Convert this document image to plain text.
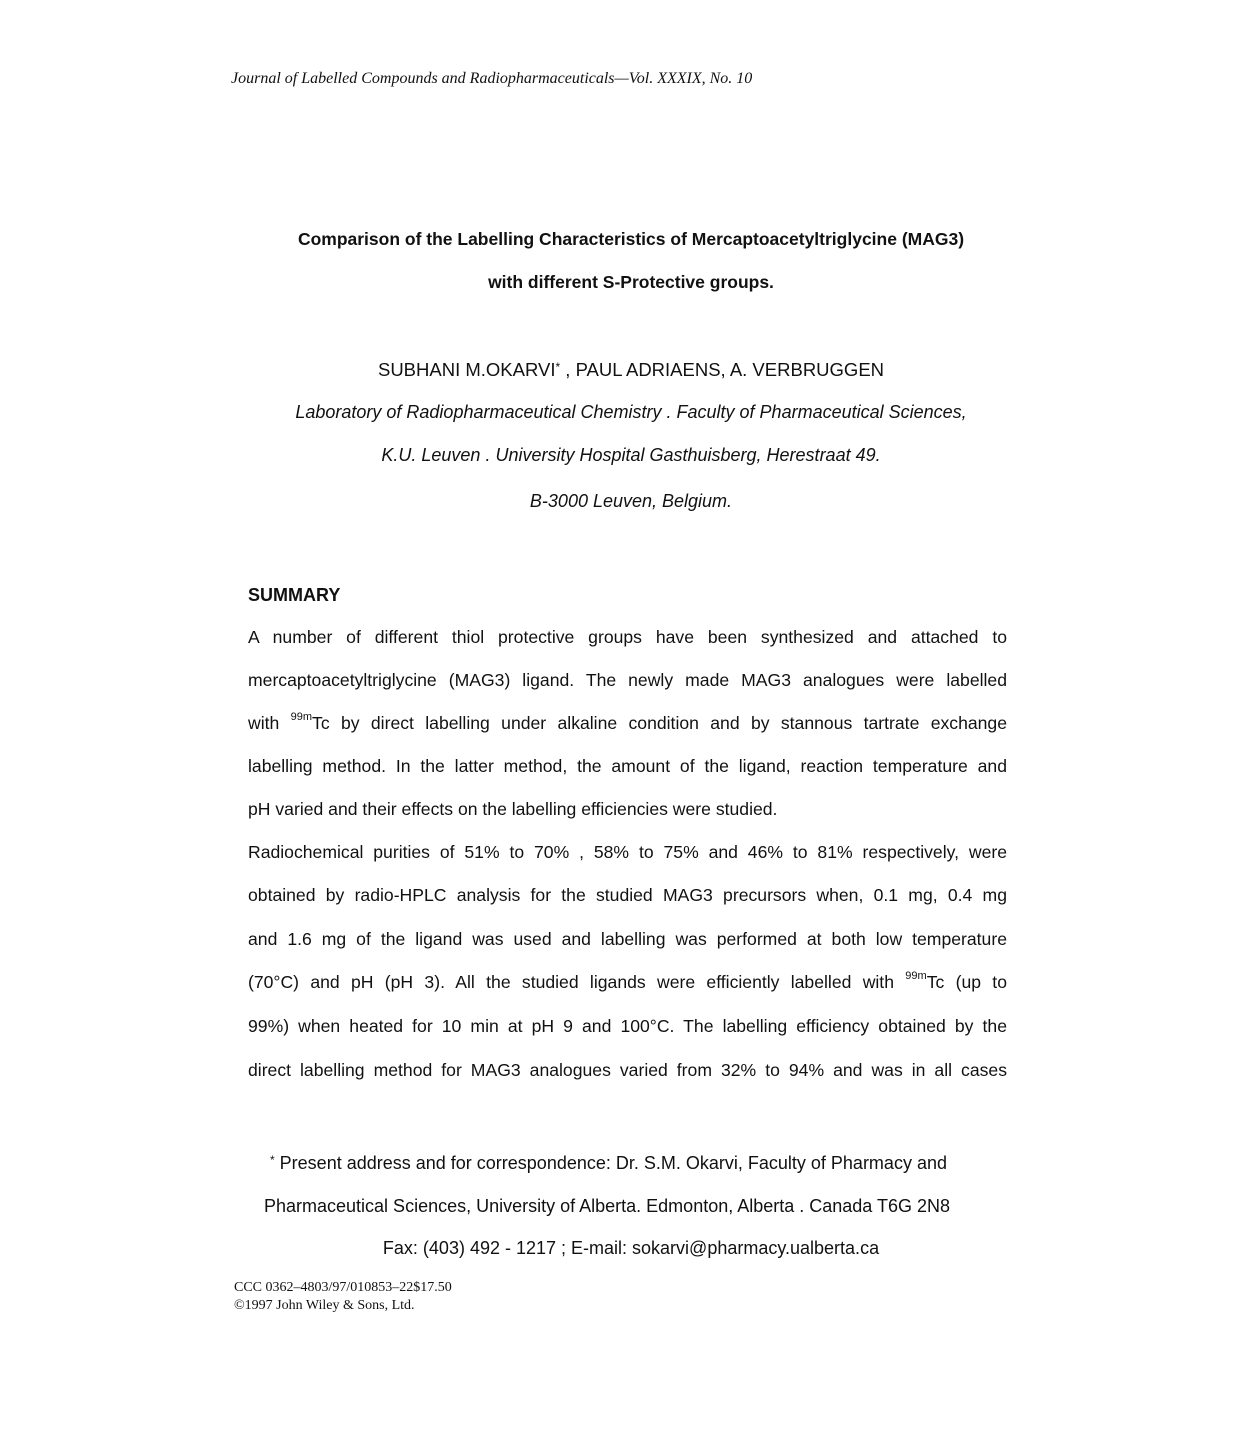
Journal of Labelled Compounds and Radiopharmaceuticals—Vol. XXXIX, No. 10
Comparison of the Labelling Characteristics of Mercaptoacetyltriglycine (MAG3)
with different S-Protective groups.
SUBHANI M.OKARVI* , PAUL ADRIAENS, A. VERBRUGGEN
Laboratory of Radiopharmaceutical Chemistry . Faculty of Pharmaceutical Sciences,
K.U. Leuven . University Hospital Gasthuisberg, Herestraat 49.
B-3000 Leuven, Belgium.
SUMMARY
A number of different thiol protective groups have been synthesized and attached to
mercaptoacetyltriglycine (MAG3) ligand. The newly made MAG3 analogues were labelled
with $^{99m}$Tc by direct labelling under alkaline condition and by stannous tartrate exchange
labelling method. In the latter method, the amount of the ligand, reaction temperature and
pH varied and their effects on the labelling efficiencies were studied.
Radiochemical purities of 51% to 70% , 58% to 75% and 46% to 81% respectively, were
obtained by radio-HPLC analysis for the studied MAG3 precursors when, 0.1 mg, 0.4 mg
and 1.6 mg of the ligand was used and labelling was performed at both low temperature
(70°C) and pH (pH 3). All the studied ligands were efficiently labelled with $^{99m}$Tc (up to
99%) when heated for 10 min at pH 9 and 100°C. The labelling efficiency obtained by the
direct labelling method for MAG3 analogues varied from 32% to 94% and was in all cases
* Present address and for correspondence: Dr. S.M. Okarvi, Faculty of Pharmacy and
Pharmaceutical Sciences, University of Alberta. Edmonton, Alberta . Canada T6G 2N8
Fax: (403) 492 - 1217 ; E-mail: sokarvi@pharmacy.ualberta.ca
CCC 0362–4803/97/010853–22$17.50
©1997 John Wiley & Sons, Ltd.
